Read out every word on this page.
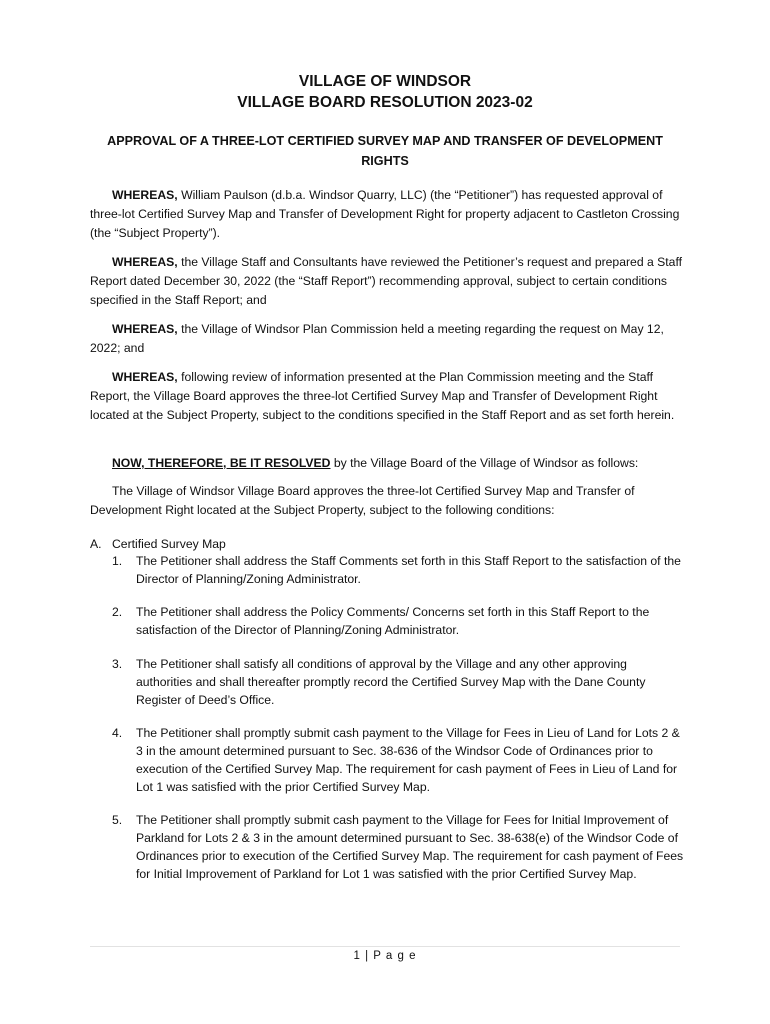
VILLAGE OF WINDSOR
VILLAGE BOARD RESOLUTION 2023-02
APPROVAL OF A THREE-LOT CERTIFIED SURVEY MAP AND TRANSFER OF DEVELOPMENT RIGHTS

WHEREAS, William Paulson (d.b.a. Windsor Quarry, LLC) (the “Petitioner”) has requested approval of three-lot Certified Survey Map and Transfer of Development Right for property adjacent to Castleton Crossing (the “Subject Property”).

WHEREAS, the Village Staff and Consultants have reviewed the Petitioner’s request and prepared a Staff Report dated December 30, 2022 (the “Staff Report”) recommending approval, subject to certain conditions specified in the Staff Report; and

WHEREAS, the Village of Windsor Plan Commission held a meeting regarding the request on May 12, 2022; and

WHEREAS, following review of information presented at the Plan Commission meeting and the Staff Report, the Village Board approves the three-lot Certified Survey Map and Transfer of Development Right located at the Subject Property, subject to the conditions specified in the Staff Report and as set forth herein.

NOW, THEREFORE, BE IT RESOLVED by the Village Board of the Village of Windsor as follows:

The Village of Windsor Village Board approves the three-lot Certified Survey Map and Transfer of Development Right located at the Subject Property, subject to the following conditions:

A. Certified Survey Map
1. The Petitioner shall address the Staff Comments set forth in this Staff Report to the satisfaction of the Director of Planning/Zoning Administrator.
2. The Petitioner shall address the Policy Comments/ Concerns set forth in this Staff Report to the satisfaction of the Director of Planning/Zoning Administrator.
3. The Petitioner shall satisfy all conditions of approval by the Village and any other approving authorities and shall thereafter promptly record the Certified Survey Map with the Dane County Register of Deed’s Office.
4. The Petitioner shall promptly submit cash payment to the Village for Fees in Lieu of Land for Lots 2 & 3 in the amount determined pursuant to Sec. 38-636 of the Windsor Code of Ordinances prior to execution of the Certified Survey Map. The requirement for cash payment of Fees in Lieu of Land for Lot 1 was satisfied with the prior Certified Survey Map.
5. The Petitioner shall promptly submit cash payment to the Village for Fees for Initial Improvement of Parkland for Lots 2 & 3 in the amount determined pursuant to Sec. 38-638(e) of the Windsor Code of Ordinances prior to execution of the Certified Survey Map. The requirement for cash payment of Fees for Initial Improvement of Parkland for Lot 1 was satisfied with the prior Certified Survey Map.
1 | P a g e
